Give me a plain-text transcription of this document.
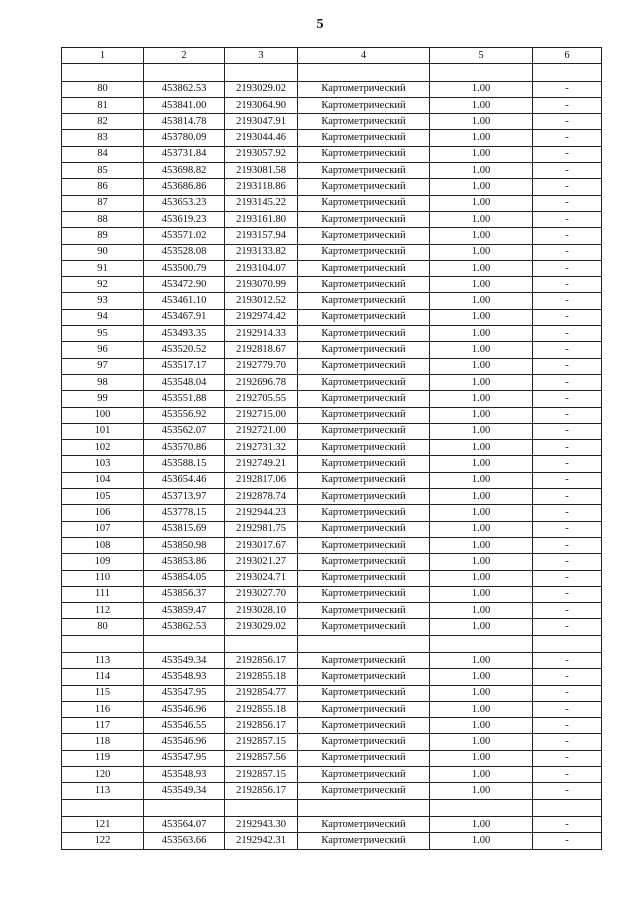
5
1	2	3	4	5	6

80	453862.53	2193029.02	Картометрический	1.00	-
81	453841.00	2193064.90	Картометрический	1.00	-
82	453814.78	2193047.91	Картометрический	1.00	-
83	453780.09	2193044.46	Картометрический	1.00	-
84	453731.84	2193057.92	Картометрический	1.00	-
85	453698.82	2193081.58	Картометрический	1.00	-
86	453686.86	2193118.86	Картометрический	1.00	-
87	453653.23	2193145.22	Картометрический	1.00	-
88	453619.23	2193161.80	Картометрический	1.00	-
89	453571.02	2193157.94	Картометрический	1.00	-
90	453528.08	2193133.82	Картометрический	1.00	-
91	453500.79	2193104.07	Картометрический	1.00	-
92	453472.90	2193070.99	Картометрический	1.00	-
93	453461.10	2193012.52	Картометрический	1.00	-
94	453467.91	2192974.42	Картометрический	1.00	-
95	453493.35	2192914.33	Картометрический	1.00	-
96	453520.52	2192818.67	Картометрический	1.00	-
97	453517.17	2192779.70	Картометрический	1.00	-
98	453548.04	2192696.78	Картометрический	1.00	-
99	453551.88	2192705.55	Картометрический	1.00	-
100	453556.92	2192715.00	Картометрический	1.00	-
101	453562.07	2192721.00	Картометрический	1.00	-
102	453570.86	2192731.32	Картометрический	1.00	-
103	453588.15	2192749.21	Картометрический	1.00	-
104	453654.46	2192817.06	Картометрический	1.00	-
105	453713.97	2192878.74	Картометрический	1.00	-
106	453778.15	2192944.23	Картометрический	1.00	-
107	453815.69	2192981.75	Картометрический	1.00	-
108	453850.98	2193017.67	Картометрический	1.00	-
109	453853.86	2193021.27	Картометрический	1.00	-
110	453854.05	2193024.71	Картометрический	1.00	-
111	453856.37	2193027.70	Картометрический	1.00	-
112	453859.47	2193028.10	Картометрический	1.00	-
80	453862.53	2193029.02	Картометрический	1.00	-

113	453549.34	2192856.17	Картометрический	1.00	-
114	453548.93	2192855.18	Картометрический	1.00	-
115	453547.95	2192854.77	Картометрический	1.00	-
116	453546.96	2192855.18	Картометрический	1.00	-
117	453546.55	2192856.17	Картометрический	1.00	-
118	453546.96	2192857.15	Картометрический	1.00	-
119	453547.95	2192857.56	Картометрический	1.00	-
120	453548.93	2192857.15	Картометрический	1.00	-
113	453549.34	2192856.17	Картометрический	1.00	-

121	453564.07	2192943.30	Картометрический	1.00	-
122	453563.66	2192942.31	Картометрический	1.00	-
